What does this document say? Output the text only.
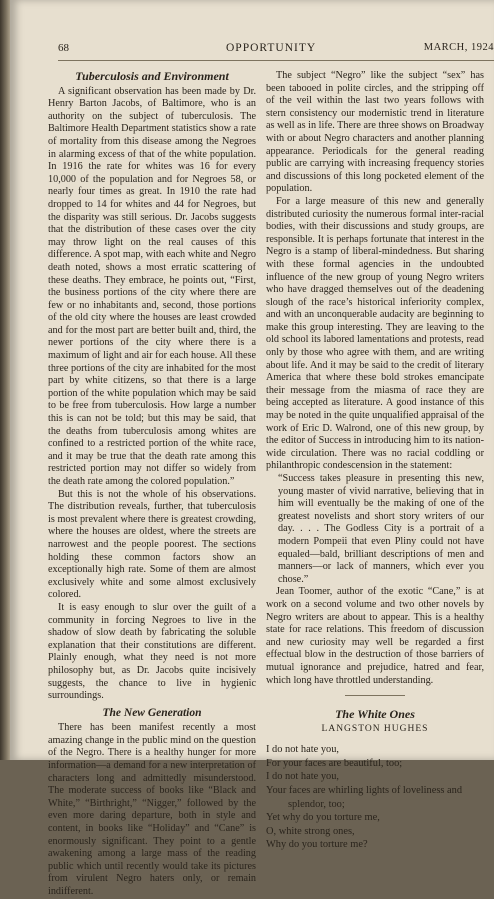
68	OPPORTUNITY	MARCH, 1924
Tuberculosis and Environment

A significant observation has been made by Dr. Henry Barton Jacobs, of Baltimore, who is an authority on the subject of tuberculosis. The Baltimore Health Department statistics show a rate of mortality from this disease among the Negroes in alarming excess of that of the white population. In 1916 the rate for whites was 16 for every 10,000 of the population and for Negroes 58, or nearly four times as great. In 1910 the rate had dropped to 14 for whites and 44 for Negroes, but the disparity was still serious. Dr. Jacobs suggests that the distribution of these cases over the city may throw light on the real causes of this difference. A spot map, with each white and Negro death noted, shows a most erratic scattering of these deaths. They embrace, he points out, “First, the business portions of the city where there are few or no inhabitants and, second, those portions of the old city where the houses are least crowded and for the most part are better built and, third, the newer portions of the city where there is a maximum of light and air for each house. All these three portions of the city are inhabited for the most part by white citizens, so that there is a large portion of the white population which may be said to be free from tuberculosis. How large a number this is can not be told; but this may be said, that the deaths from tuberculosis among whites are confined to a restricted portion of the white race, and it may be true that the death rate among this restricted portion may not differ so widely from the death rate among the colored population.”

But this is not the whole of his observations. The distribution reveals, further, that tuberculosis is most prevalent where there is greatest crowding, where the houses are oldest, where the streets are narrowest and the people poorest. The sections holding these common factors show an exceptionally high rate. Some of them are almost exclusively white and some almost exclusively colored.

It is easy enough to slur over the guilt of a community in forcing Negroes to live in the shadow of slow death by fabricating the soluble explanation that their constitutions are different. Plainly enough, what they need is not more philosophy but, as Dr. Jacobs quite incisively suggests, the chance to live in hygienic surroundings.

The New Generation

There has been manifest recently a most amazing change in the public mind on the question of the Negro. There is a healthy hunger for more information—a demand for a new interpretation of characters long and admittedly misunderstood. The moderate success of books like “Black and White,” “Birthright,” “Nigger,” followed by the even more daring departure, both in style and content, in books like “Holiday” and “Cane” is enormously significant. They point to a gentle awakening among a large mass of the reading public which until recently would take its pictures from virulent Negro haters only, or remain indifferent.

The subject “Negro” like the subject “sex” has been tabooed in polite circles, and the stripping off of the veil within the last two years follows with stern consistency our modernistic trend in literature as well as in life. There are three shows on Broadway with or about Negro characters and another planning appearance. Periodicals for the general reading public are carrying with increasing frequency stories and discussions of this long pocketed element of the population.

For a large measure of this new and generally distributed curiosity the numerous formal inter-racial bodies, with their discussions and study groups, are responsible. It is perhaps fortunate that interest in the Negro is a stamp of liberal-mindedness. But sharing with these formal agencies in the undoubted influence of the new group of young Negro writers who have dragged themselves out of the deadening slough of the race’s historical inferiority complex, and with an unconquerable audacity are beginning to make this group interesting. They are leaving to the old school its labored lamentations and protests, read only by those who agree with them, and are writing about life. And it may be said to the credit of literary America that where these bold strokes emancipate their message from the miasma of race they are being accepted as literature. A good instance of this may be noted in the quite unqualified appraisal of the work of Eric D. Walrond, one of this new group, by the editor of Success in introducing him to its nation-wide circulation. There was no racial coddling or philanthropic condescension in the statement:

“Success takes pleasure in presenting this new, young master of vivid narrative, believing that in him will eventually be the making of one of the greatest novelists and short story writers of our day. . . . The Godless City is a portrait of a modern Pompeii that even Pliny could not have equaled—bald, brilliant descriptions of men and manners—or lack of manners, which ever you chose.”

Jean Toomer, author of the exotic “Cane,” is at work on a second volume and two other novels by Negro writers are about to appear. This is a healthy state for race relations. This freedom of discussion and new curiosity may well be regarded a first effectual blow in the destruction of those barriers of mutual ignorance and prejudice, hatred and fear, which long have throttled understanding.

The White Ones
LANGSTON HUGHES
I do not hate you,
For your faces are beautiful, too;
I do not hate you,
Your faces are whirling lights of loveliness and
splendor, too;
Yet why do you torture me,
O, white strong ones,
Why do you torture me?
